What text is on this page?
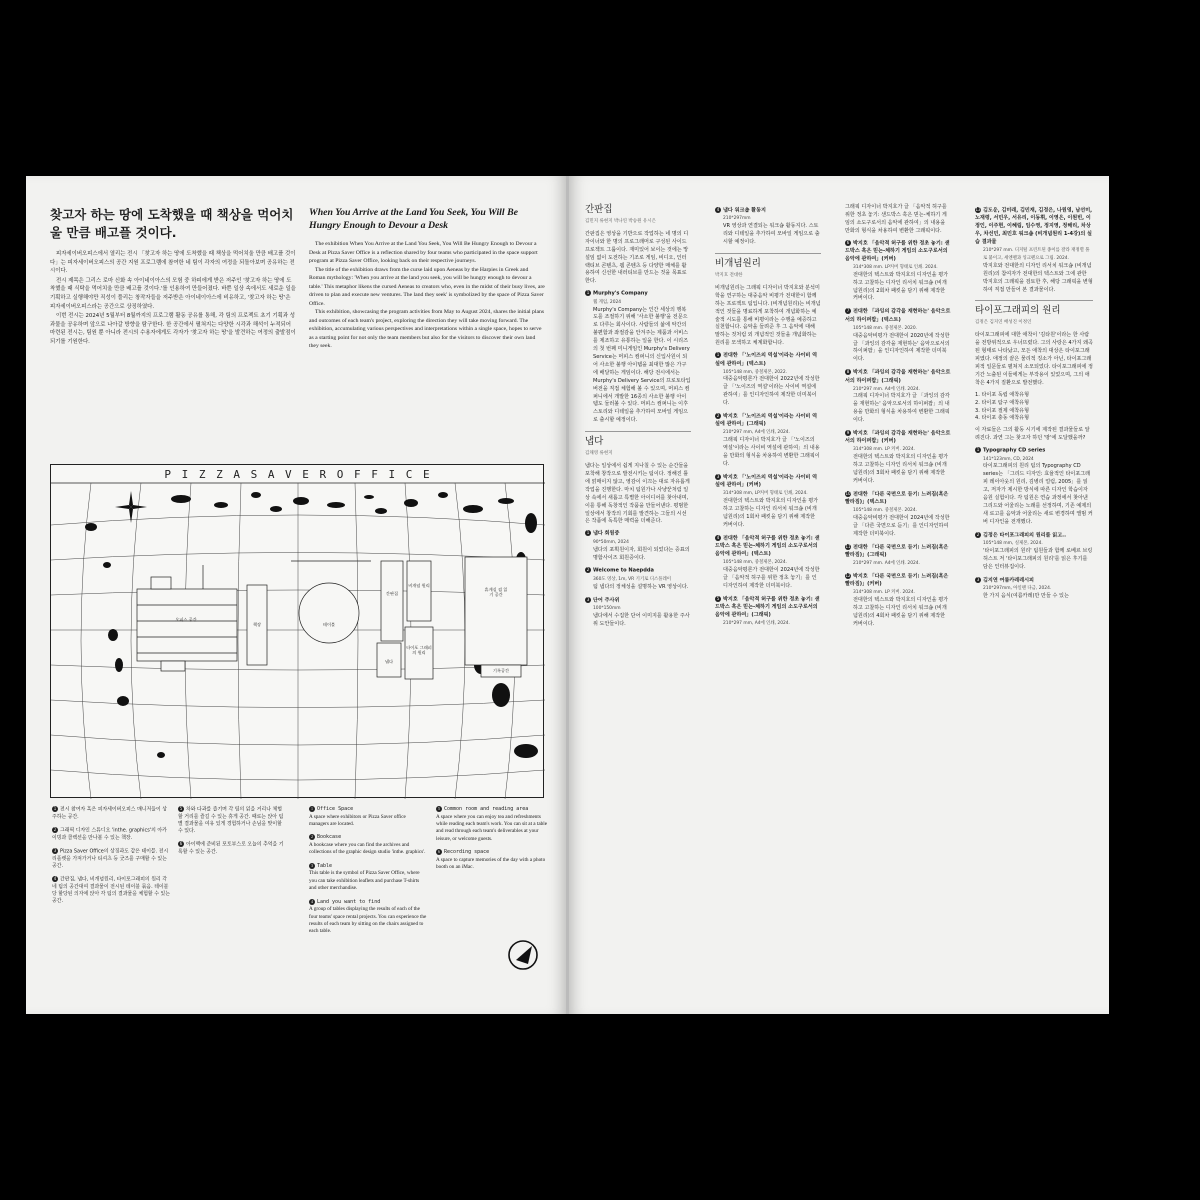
찾고자 하는 땅에 도착했을 때 책상을 먹어치울 만큼 배고플 것이다.

피자세이버오피스에서 열리는 전시 「찾고자 하는 땅에 도착했을 때 책상을 먹어치울 만큼 배고플 것이다」는 피자세이버오피스의 공간 지원 프로그램에 참여한 네 팀이 각자의 여정을 되돌아보며 공유하는 전시이다.

전시 제목은 그리스 로마 신화 속 아이네이아스의 모험 중 하피에게 받은 저주인 '찾고자 하는 땅에 도착했을 때 식탁을 먹어치울 만큼 배고플 것이다.'를 인용하여 만들어졌다. 바쁜 일상 속에서도 새로운 일을 기획하고 실행해야만 직성이 풀리는 창작자들을 저주받은 아이네이아스에 비유하고, '찾고자 하는 땅'은 피자세이버오피스라는 공간으로 상징하였다.

이번 전시는 2024년 5월부터 8월까지의 프로그램 활동 공유를 통해, 각 팀의 프로젝트 초기 기획과 성과물을 공유하며 앞으로 나아갈 방향을 탐구한다. 한 공간에서 펼쳐지는 다양한 시각과 해석이 누적되어 마련된 전시는, 팀원 뿐 아니라 전시의 수용자에게도 각자가 '찾고자 하는 땅'을 발견하는 여정의 출발점이 되기를 기원한다.

When You Arrive at the Land You Seek, You Will Be Hungry Enough to Devour a Desk

The exhibition When You Arrive at the Land You Seek, You Will Be Hungry Enough to Devour a Desk at Pizza Saver Office is a reflection shared by four teams who participated in the space support program at Pizza Saver Office, looking back on their respective journeys.

The title of the exhibition draws from the curse laid upon Aeneas by the Harpies in Greek and Roman mythology: 'When you arrive at the land you seek, you will be hungry enough to devour a table.' This metaphor likens the cursed Aeneas to creators who, even in the midst of their busy lives, are driven to plan and execute new ventures. The land they seek' is symbolized by the space of Pizza Saver Office.

This exhibition, showcasing the program activities from May to August 2024, shares the initial plans and outcomes of each team's project, exploring the direction they will take moving forward. The exhibition, accumulating various perspectives and interpretations within a single space, hopes to serve as a starting point for not only the team members but also for the visitors to discover their own land they seek.

P I Z Z A S A V E R O F F I C E
오피스 공간
책장	테이블
간판집
비개념 원리
냅다
타이포 그래피의 원리
휴게실 겸 읽기 공간
기록공간
1 전시 참여자 혹은 피자세이버오피스 매니저들이 상주하는 공간.
2 그래픽 디자인 스튜디오 'inthe. graphics'의 아카이빙과 콜렉션을 만나볼 수 있는 책장.
3 Pizza Saver Office의 상징과도 같은 테이블. 전시 리플렛을 가져가거나 티셔츠 등 굿즈를 구매할 수 있는 공간.
4 간판집, 냅다, 비개념원리, 타이포그래피의 원리 각 네 팀의 공간대여 결과물이 전시된 테이블 묶음. 테이블당 할당된 의자에 앉아 각 팀의 결과물을 체험할 수 있는 공간.
5 차와 다과를 즐기며 각 팀의 읽을 거리나 체험할 거리를 즐길 수 있는 휴게 공간. 때로는 앉아 팀별 결과물을 여유 있게 경험하거나 손님을 맞이할 수 있다.
6 아이맥에 준비된 포토부스로 오늘의 추억을 기록할 수 있는 공간.
1 Office Space
A space where exhibitors or Pizza Saver office managers are located.
2 Bookcase
A bookcase where you can find the archives and collections of the graphic design studio 'inthe. graphics'.
3 Table
This table is the symbol of Pizza Saver Office, where you can take exhibition leaflets and purchase T-shirts and other merchandise.
4 Land you want to find
A group of tables displaying the results of each of the four teams' space rental projects. You can experience the results of each team by sitting on the chairs assigned to each table.
5 Common room and reading area
A space where you can enjoy tea and refreshments while reading each team's work. You can sit at a table and read through each team's deliverables at your leisure, or welcome guests.
6 Recording space
A space to capture memories of the day with a photo booth on an iMac.
간판집
김민지 류현지 박나연 박승원 유시은

간판집은 영상을 기반으로 작업하는 네 명의 디자이너와 한 명의 프로그래머로 구성된 사이드 프로젝트 그룹이다. 재미있어 보이는 것에는 망설임 없이 도전하는 기조로 게임, 비디오, 인터랙티브 콘텐츠, 웹 콘텐츠 등 다양한 매체를 활용하여 신선한 내러티브를 만드는 것을 목표로 한다.

1 Murphy's Company
웹 게임, 2024
Murphy's Company는 인간 세상의 행복도를 조절하기 위해 '사소한 불행'을 전문으로 다루는 회사이다. 사람들의 삶에 악간의 불편함과 좌절감을 안겨주는 제품과 서비스를 제조하고 유통하는 일을 한다. 이 시리즈의 첫 번째 미니게임인 Murphy's Delivery Service는 머피스 컴퍼니의 신입사원이 되어 사소한 불행 아이템을 최대한 많은 가구에 배달하는 게임이다. 해당 전시에서는 Murphy's Delivery Service의 프로토타입 버전을 직접 체험해 볼 수 있으며, 머피스 컴퍼니에서 개발한 16종의 사소한 불행 아이템도 둘러볼 수 있다. 머피스 컴퍼니는 이후 스토리와 디테일을 추가하여 모바일 게임으로 출시할 예정이다.
냅다
김채영 류현지

냅다는 일상에서 쉽게 지나칠 수 있는 순간들을 포착해 창작으로 발전시키는 팀이다. 정해진 틀에 얽매이지 않고, 영감이 이끄는 대로 자유롭게 작업을 진행한다. 마치 팀원가나 사냥꾼처럼 일상 속에서 새롭고 특별한 아이디어를 찾아내며, 이를 통해 독창적인 작품을 만들어낸다. 평범한 일상에서 창작의 기회를 발견하는 그들의 시선은 작품에 독특한 매력을 더해준다.

1 냅다 회원증
90*50mm, 2024
냅다의 포획원이자, 회원이 되었다는 증표의 명함사이즈 회원증이다.
2 Welcome to Naepdda
360도 영상, 1m, VR 기기로 디스플레이
팀 냅다의 정체성을 설명하는 VR 영상이다.
3 단어 주사위
100*150mm
냅다에서 수집한 단어 이미지를 활용한 주사위 도안들이다.
4 냅다 워크숍 활동지
210*297mm
VR 영상과 연결되는 워크숍 활동지다. 스토리와 디테일을 추가하여 모바일 게임으로 출시할 예정이다.
비개념원리
박지호 전대한

비개념원리는 그래픽 디자이너 박지호와 분석미학을 연구하는 대중음악 비평가 전대한이 함께 하는 프로젝트 팀입니다. (비개념원리)는 비개념적인 것들을 명료하게 포착하여 개념화하는 예술적 시도를 통해 비평이라는 수행을 예증하고 실천합니다. 음악을 들려준 후 그 음악에 대해 말하는 것처럼 외 개념적인 것들을 개념화하는 원리를 모색하고 체계화합니다.

1 전대한 「'노이즈의 역설'이라는 사이비 역설에 관하여」(텍스트)
105*148 mm, 중철제본, 2022.
대중음악평론가 전대한이 2022년에 작성한 글 「'노이즈의 역설'이라는 사이비 역설에 관하여」를 인디자인하여 제작한 더미북이다.
2 박지호 「'노이즈의 역설'이라는 사이비 역설에 관하여」(그래픽)
210*297 mm, A4에 인쇄, 2024.
그래픽 디자이너 박지호가 글 「'노이즈의 역설'이라는 사이비 역설에 관하여」의 내용을 만화의 형식을 차용하여 변환한 그래픽이다.
3 박지호 「'노이즈의 역설'이라는 사이비 역설에 관하여」(커버)
314*308 mm, LP커버 형태로 인쇄, 2024.
전대한의 텍스트와 박지호의 디자인을 평가하고 고찰하는 디자인 리서치 워크숍 (비개념원리)의 1회차 패킷을 담기 위해 제작한 커버이다.
4 전대한 「음악적 허구를 위한 정초 놓기: 샌드박스 혹은 믿는-체하기 게임의 소도구로서의 음악에 관하여」(텍스트)
105*148 mm, 중철제본, 2024.
대중음악평론가 전대한이 2024년에 작성한 글 「음악적 허구를 위한 정초 놓기」를 인디자인하여 제작한 더미북이다.
5 박지호 「음악적 허구를 위한 정초 놓기: 샌드박스 혹은 믿는-체하기 게임의 소도구로서의 음악에 관하여」(그래픽)
210*297 mm, A4에 인쇄, 2024.

그래픽 디자이너 박지호가 글 「음악적 허구를 위한 정초 놓기: 샌드박스 혹은 믿는-체하기 게임의 소도구로서의 음악에 관하여」의 내용을 만화의 형식을 차용하여 변환한 그래픽이다.

6 박지호 「음악적 허구를 위한 정초 놓기: 샌드박스 혹은 믿는-체하기 게임의 소도구로서의 음악에 관하여」(커버)
314*308 mm. LP커버 형태로 인쇄. 2024.
전대한의 텍스트와 박지호의 디자인을 평가하고 고찰하는 디자인 리서치 워크숍 (비개념원리)의 2회차 패킷을 담기 위해 제작한 커버이다.
7 전대한 「과잉의 감각을 재현하는' 음악으로서의 하이퍼팝」(텍스트)
105*148 mm. 중철제본. 2020.
대중음악비평가 전대한이 2020년에 작성한 글 「과잉의 감각을 재현하는' 음악으로서의 하이퍼팝」을 인디자인하여 제작한 더미북이다.
8 박지호 「과잉의 감각을 재현하는' 음악으로서의 하이퍼팝」(그래픽)
210*297 mm. A4에 인쇄. 2024.
그래픽 디자이너 박지호가 글 「과잉의 감각을 재현하는' 음악으로서의 하이퍼팝」의 내용을 만화의 형식을 차용하여 변환한 그래픽이다.
9 박지호 「과잉의 감각을 재현하는' 음악으로서의 하이퍼팝」(커버)
314*308 mm. LP 커버. 2024.
전대한의 텍스트와 박지호의 디자인을 평가하고 고찰하는 디자인 리서치 워크숍 (비개념원리)의 3회차 패킷을 담기 위해 제작한 커버이다.
10 전대한 「다른 국면으로 듣기: 느려짐(혹은 빨라짐)」(텍스트)
105*148 mm. 중철제본. 2024.
대중음악비평가 전대한이 2024년에 작성한 글 「다른 국면으로 듣기」를 인디자인하여 제작한 더미북이다.
11 전대한 「다른 국면으로 듣기: 느려짐(혹은 빨라짐)」(그래픽)
210*297 mm. A4에 인쇄. 2024.
12 박지호 「다른 국면으로 듣기: 느려짐(혹은 빨라짐)」(커버)
314*308 mm. LP 커버. 2024.
전대한의 텍스트와 박지호의 디자인을 평가하고 고찰하는 디자인 리서치 워크숍 (비개념원리)의 4회차 패킷을 담기 위해 제작한 커버이다.
13 김도운, 김미래, 김민재, 김정은, 나원영, 남선미, 노재령, 서민우, 서유리, 이동휘, 이영은, 이원빈, 이정인, 이주현, 이혜림, 임수영, 정지영, 정해리, 차상우, 차선민, 최민호 워크숍 (비개념원리 1-4강)의 실습 결과물
210*297 mm. 디지털 프린트된 종이를 잘라 재정렬 풀로 붙이고, 세엔펠과 잉크펜으로 그림. 2024.
박지호와 전대한의 디자인 리서치 워크숍 (비개념원리)의 참여자가 전대한의 텍스트와 그에 관한 박지호의 그래픽을 검토한 후, 해당 그래픽을 변형하여 직접 만들어 본 결과물이다.
타이포그래피의 원리
김정은 김지연 배성진 이정인

타이포그래피에 대한 애착이 '김타원'이라는 한 사람을 전방위적으로 우너뜨렸다. 그의 사랑은 4가지 왜곡된 형태로 나타났고, 모든 애착의 대상은 타이포그래피였다. 애정의 끝은 물리적 징소가 아닌, 타이포그래피적 일문들로 펼쳐지 소모되었다. 타이포그래피에 정기간 노출된 이들에게는 부작용이 있었으며, 그의 애착은 4가지 질환으로 발전했다.

1. 타이포 독립 애착유형
2. 타이포 탐구 애착유형
3. 타이포 절제 애착유형
4. 타이포 충동 애착유형

이 자료들은 그의 활동 시기에 제작된 결과물들로 알려진다. 과연 그는 찾고자 하던 '땅'에 도달했을까?

1 Typography CD series
141*123mm, CD, 2024
타이포그래피의 원리 팀의 Typography CD series는 「그리드 디자인: 효율적인 타이포그래피 레이아웃의 원리, 김병리 얼럼, 2005」를 읽고, 저자가 제시한 방식에 따른 디자인 학습이자 음원 실험이다. 각 팀원은 연습 과정에서 찾아낸 그리드와 어울리는 노래를 선정하며, 기존 예제의 새 로고를 음악과 어울리는 새로 변경하며 앨범 커버 디자인을 전개했다.
2 김정은 타이포그래피의 원리를 읽고..
105*148 mm, 실제본, 2024.
'타이포그래피의 원리' 팀원들과 함께 로베르 브링허스트 저 '타이포그래피의 원리'를 읽은 후기를 담은 인터뷰집이다.
3 김지연 여름카레레시피
210*297mm, 아일랜 다금, 2024.
한 가지 음식(여름카레)만 만들 수 있는
